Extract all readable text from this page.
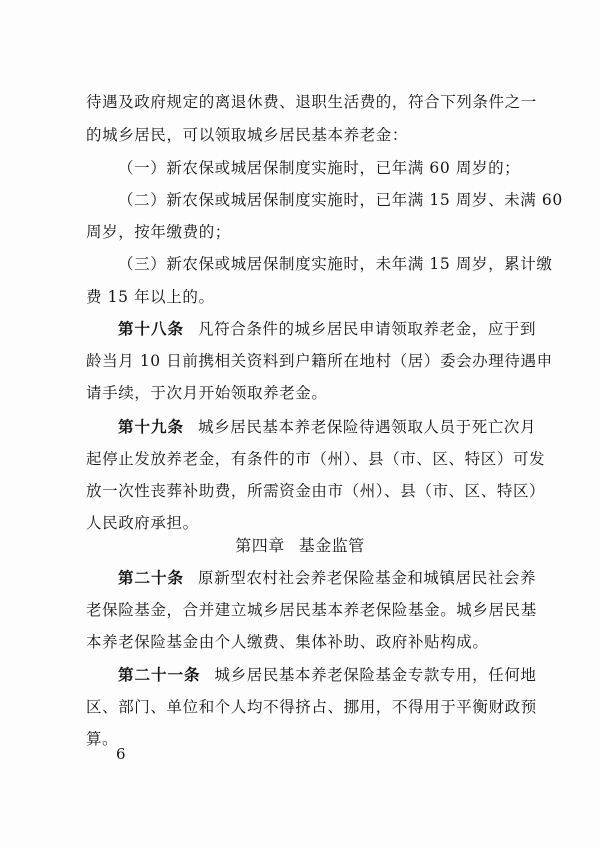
待遇及政府规定的离退休费、退职生活费的，符合下列条件之一
的城乡居民，可以领取城乡居民基本养老金：
（一）新农保或城居保制度实施时，已年满 60 周岁的；
（二）新农保或城居保制度实施时，已年满 15 周岁、未满 60
周岁，按年缴费的；
（三）新农保或城居保制度实施时，未年满 15 周岁，累计缴
费 15 年以上的。
第十八条 凡符合条件的城乡居民申请领取养老金，应于到
龄当月 10 日前携相关资料到户籍所在地村（居）委会办理待遇申
请手续，于次月开始领取养老金。
第十九条 城乡居民基本养老保险待遇领取人员于死亡次月
起停止发放养老金，有条件的市（州）、县（市、区、特区）可发
放一次性丧葬补助费，所需资金由市（州）、县（市、区、特区）
人民政府承担。
第四章 基金监管
第二十条 原新型农村社会养老保险基金和城镇居民社会养
老保险基金，合并建立城乡居民基本养老保险基金。城乡居民基
本养老保险基金由个人缴费、集体补助、政府补贴构成。
第二十一条 城乡居民基本养老保险基金专款专用，任何地
区、部门、单位和个人均不得挤占、挪用，不得用于平衡财政预
算。
6
